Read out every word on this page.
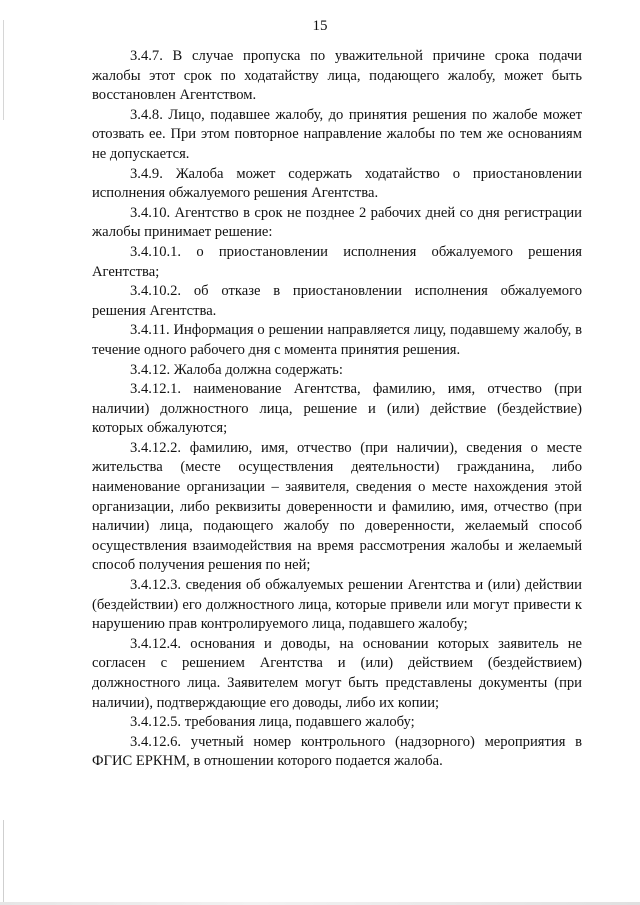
15

3.4.7. В случае пропуска по уважительной причине срока подачи жалобы этот срок по ходатайству лица, подающего жалобу, может быть восстановлен Агентством.

3.4.8. Лицо, подавшее жалобу, до принятия решения по жалобе может отозвать ее. При этом повторное направление жалобы по тем же основаниям не допускается.

3.4.9. Жалоба может содержать ходатайство о приостановлении исполнения обжалуемого решения Агентства.

3.4.10. Агентство в срок не позднее 2 рабочих дней со дня регистрации жалобы принимает решение:

3.4.10.1. о приостановлении исполнения обжалуемого решения Агентства;

3.4.10.2. об отказе в приостановлении исполнения обжалуемого решения Агентства.

3.4.11. Информация о решении направляется лицу, подавшему жалобу, в течение одного рабочего дня с момента принятия решения.

3.4.12. Жалоба должна содержать:

3.4.12.1. наименование Агентства, фамилию, имя, отчество (при наличии) должностного лица, решение и (или) действие (бездействие) которых обжалуются;

3.4.12.2. фамилию, имя, отчество (при наличии), сведения о месте жительства (месте осуществления деятельности) гражданина, либо наименование организации – заявителя, сведения о месте нахождения этой организации, либо реквизиты доверенности и фамилию, имя, отчество (при наличии) лица, подающего жалобу по доверенности, желаемый способ осуществления взаимодействия на время рассмотрения жалобы и желаемый способ получения решения по ней;

3.4.12.3. сведения об обжалуемых решении Агентства и (или) действии (бездействии) его должностного лица, которые привели или могут привести к нарушению прав контролируемого лица, подавшего жалобу;

3.4.12.4. основания и доводы, на основании которых заявитель не согласен с решением Агентства и (или) действием (бездействием) должностного лица. Заявителем могут быть представлены документы (при наличии), подтверждающие его доводы, либо их копии;

3.4.12.5. требования лица, подавшего жалобу;

3.4.12.6. учетный номер контрольного (надзорного) мероприятия в ФГИС ЕРКНМ, в отношении которого подается жалоба.
